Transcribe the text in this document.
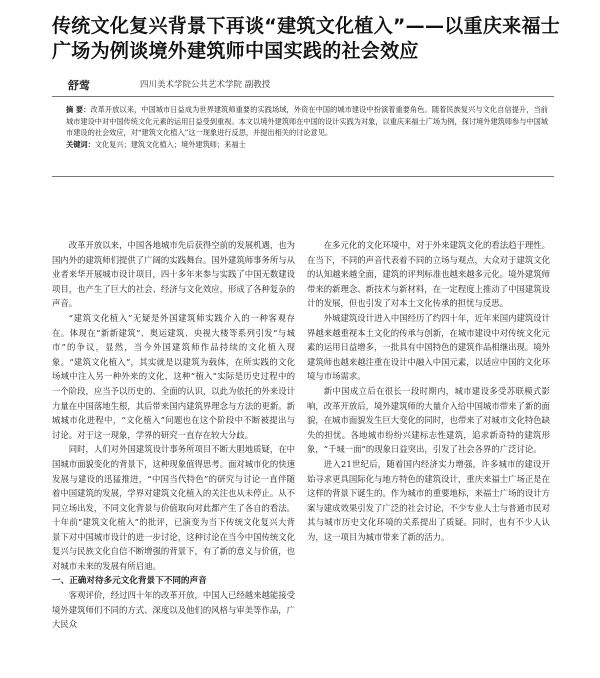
传统文化复兴背景下再谈“建筑文化植入”——以重庆来福士广场为例谈境外建筑师中国实践的社会效应
舒莺	四川美术学院公共艺术学院 副教授
摘 要：改革开放以来，中国城市日益成为世界建筑师重要的实践场域，外资在中国的城市建设中扮演着重要角色。随着民族复兴与文化自信提升，当前城市建设中对中国传统文化元素的运用日益受到重视。本文以境外建筑师在中国的设计实践为对象，以重庆来福士广场为例，探讨境外建筑师参与中国城市建设的社会效应，对“建筑文化植入”这一现象进行反思，并提出相关的讨论意见。
关键词：文化复兴；建筑文化植入；境外建筑师；来福士

改革开放以来，中国各地城市先后获得空前的发展机遇，也为国内外的建筑师们提供了广阔的实践舞台。国外建筑师事务所与从业者来华开展城市设计项目，四十多年来参与实践了中国无数建设项目，也产生了巨大的社会、经济与文化效应，形成了各种复杂的声音。

“建筑文化植入”无疑是外国建筑师实践介入的一种客观存在。体现在“新新建筑”、奥运建筑、央视大楼等系列引发“与城市”的争议，显然，当今外国建筑师作品持续的文化植入现象。“建筑文化植入”，其实就是以建筑为载体，在所实践的文化场域中注入另一种外来的文化，这种“植入”实际是历史过程中的一个阶段，应当予以历史的、全面的认识，以此为依托的外来设计力量在中国落地生根，其后带来国内建筑界理念与方法的更新。新城城市化进程中，“文化植入”问题也在这个阶段中不断被提出与讨论。对于这一现象，学界的研究一直存在较大分歧。

同时，人们对外国建筑设计事务所项目不断大胆地质疑，在中国城市面貌变化的背景下，这种现象值得思考。面对城市化的快速发展与建设的迅猛推进，“中国当代特色”的研究与讨论一直伴随着中国建筑的发展，学界对建筑文化植入的关注也从未停止。从不同立场出发，不同文化背景与价值取向对此都产生了各自的看法。十年前“建筑文化植入”的批评，已演变为当下传统文化复兴大背景下对中国城市设计的进一步讨论，这种讨论在当今中国传统文化复兴与民族文化自信不断增强的背景下，有了新的意义与价值，也对城市未来的发展有所启迪。

一、正确对待多元文化背景下不同的声音

客观评价，经过四十年的改革开放，中国人已经越来越能接受境外建筑师们不同的方式、深度以及他们的风格与审美等作品，广大民众

在多元化的文化环境中，对于外来建筑文化的看法趋于理性。在当下，不同的声音代表着不同的立场与观点，大众对于建筑文化的认知越来越全面，建筑的评判标准也越来越多元化。境外建筑师带来的新理念、新技术与新材料，在一定程度上推动了中国建筑设计的发展，但也引发了对本土文化传承的担忧与反思。

外城建筑设计进入中国经历了约四十年，近年来国内建筑设计界越来越重视本土文化的传承与创新，在城市建设中对传统文化元素的运用日益增多，一批具有中国特色的建筑作品相继出现。境外建筑师也越来越注重在设计中融入中国元素，以适应中国的文化环境与市场需求。

新中国成立后在很长一段时期内，城市建设多受苏联模式影响，改革开放后，境外建筑师的大量介入给中国城市带来了新的面貌，在城市面貌发生巨大变化的同时，也带来了对城市文化特色缺失的担忧。各地城市纷纷兴建标志性建筑，追求新奇特的建筑形象，“千城一面”的现象日益突出，引发了社会各界的广泛讨论。

进入21世纪后，随着国内经济实力增强，许多城市的建设开始寻求更具国际化与地方特色的建筑设计，重庆来福士广场正是在这样的背景下诞生的。作为城市的重要地标，来福士广场的设计方案与建成效果引发了广泛的社会讨论，不少专业人士与普通市民对其与城市历史文化环境的关系提出了质疑。同时，也有不少人认为，这一项目为城市带来了新的活力。
